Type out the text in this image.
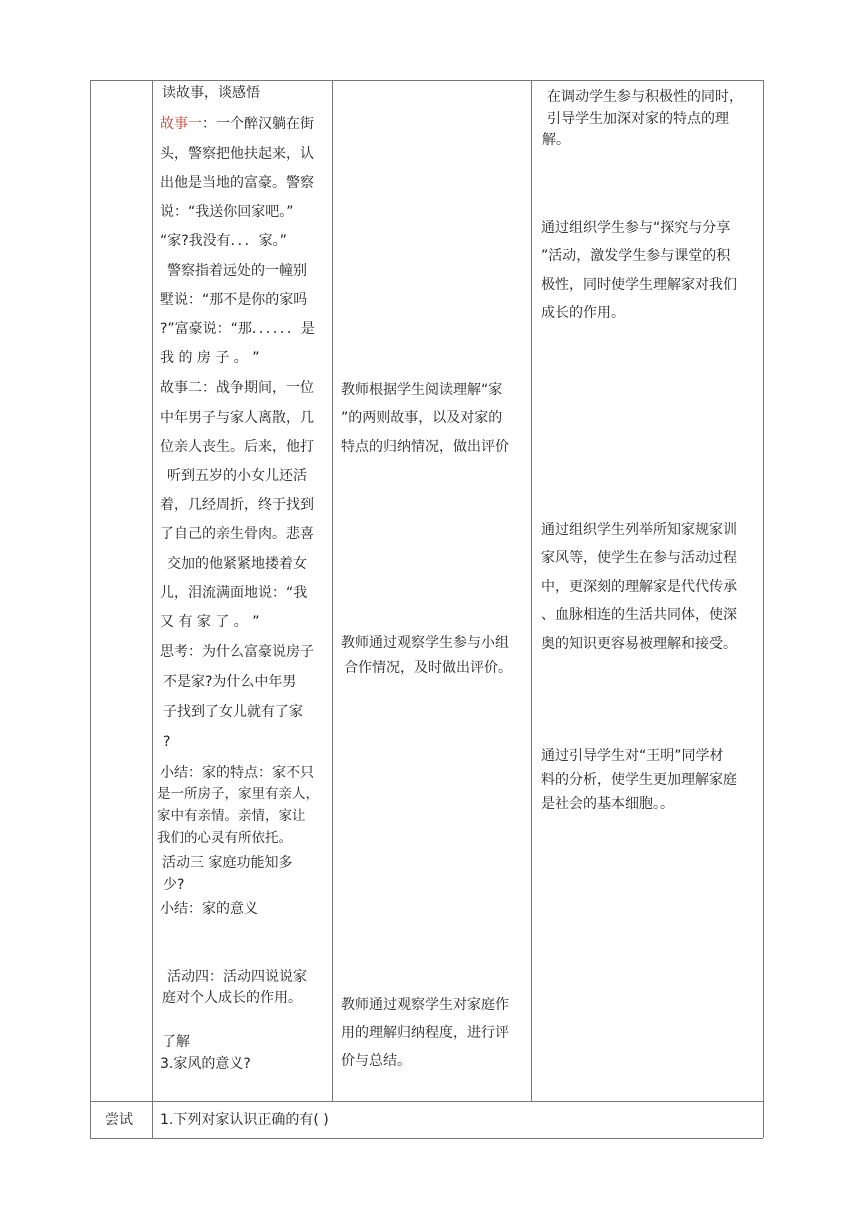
读故事，谈感悟
故事一：一个醉汉躺在街
头，警察把他扶起来，认
出他是当地的富豪。警察
说：“我送你回家吧。”
“家?我没有．．．家。”
警察指着远处的一幢别
墅说：“那不是你的家吗
?”富豪说：“那．．．．．．是
我 的 房 子 。 ”
故事二：战争期间，一位
中年男子与家人离散，几
位亲人丧生。后来，他打
听到五岁的小女儿还活
着，几经周折，终于找到
了自己的亲生骨肉。悲喜
交加的他紧紧地搂着女
儿，泪流满面地说：“我
又 有 家 了 。 ”
思考：为什么富豪说房子
不是家?为什么中年男
子找到了女儿就有了家
?
小结：家的特点：家不只
是一所房子，家里有亲人，
家中有亲情。亲情，家让
我们的心灵有所依托。
活动三 家庭功能知多
少?
小结：家的意义
活动四：活动四说说家
庭对个人成长的作用。
了解
3.家风的意义?
教师根据学生阅读理解“家
”的两则故事，以及对家的
特点的归纳情况，做出评价
教师通过观察学生参与小组
合作情况，及时做出评价。
教师通过观察学生对家庭作
用的理解归纳程度，进行评
价与总结。
在调动学生参与积极性的同时，
引导学生加深对家的特点的理
解。
通过组织学生参与“探究与分享
”活动，激发学生参与课堂的积
极性，同时使学生理解家对我们
成长的作用。
通过组织学生列举所知家规家训
家风等，使学生在参与活动过程
中，更深刻的理解家是代代传承
、血脉相连的生活共同体，使深
奥的知识更容易被理解和接受。
通过引导学生对“王明”同学材
料的分析，使学生更加理解家庭
是社会的基本细胞。。
尝试 1.下列对家认识正确的有( )
